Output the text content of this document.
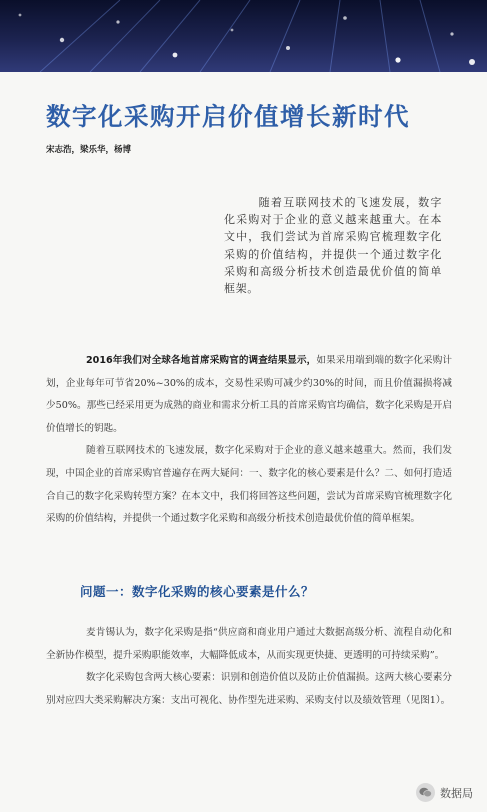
数字化采购开启价值增长新时代
宋志浩，梁乐华，杨博
随着互联网技术的飞速发展，数字化采购对于企业的意义越来越重大。在本文中，我们尝试为首席采购官梳理数字化采购的价值结构，并提供一个通过数字化采购和高级分析技术创造最优价值的简单框架。

2016年我们对全球各地首席采购官的调查结果显示，如果采用端到端的数字化采购计划，企业每年可节省20%~30%的成本，交易性采购可减少约30%的时间，而且价值漏损将减少50%。那些已经采用更为成熟的商业和需求分析工具的首席采购官均确信，数字化采购是开启价值增长的钥匙。

随着互联网技术的飞速发展，数字化采购对于企业的意义越来越重大。然而，我们发现，中国企业的首席采购官普遍存在两大疑问：一、数字化的核心要素是什么？二、如何打造适合自己的数字化采购转型方案？在本文中，我们将回答这些问题，尝试为首席采购官梳理数字化采购的价值结构，并提供一个通过数字化采购和高级分析技术创造最优价值的简单框架。

问题一：数字化采购的核心要素是什么？

麦肯锡认为，数字化采购是指“供应商和商业用户通过大数据高级分析、流程自动化和全新协作模型，提升采购职能效率，大幅降低成本，从而实现更快捷、更透明的可持续采购”。

数字化采购包含两大核心要素：识别和创造价值以及防止价值漏损。这两大核心要素分别对应四大类采购解决方案：支出可视化、协作型先进采购、采购支付以及绩效管理（见图1）。

数据局
